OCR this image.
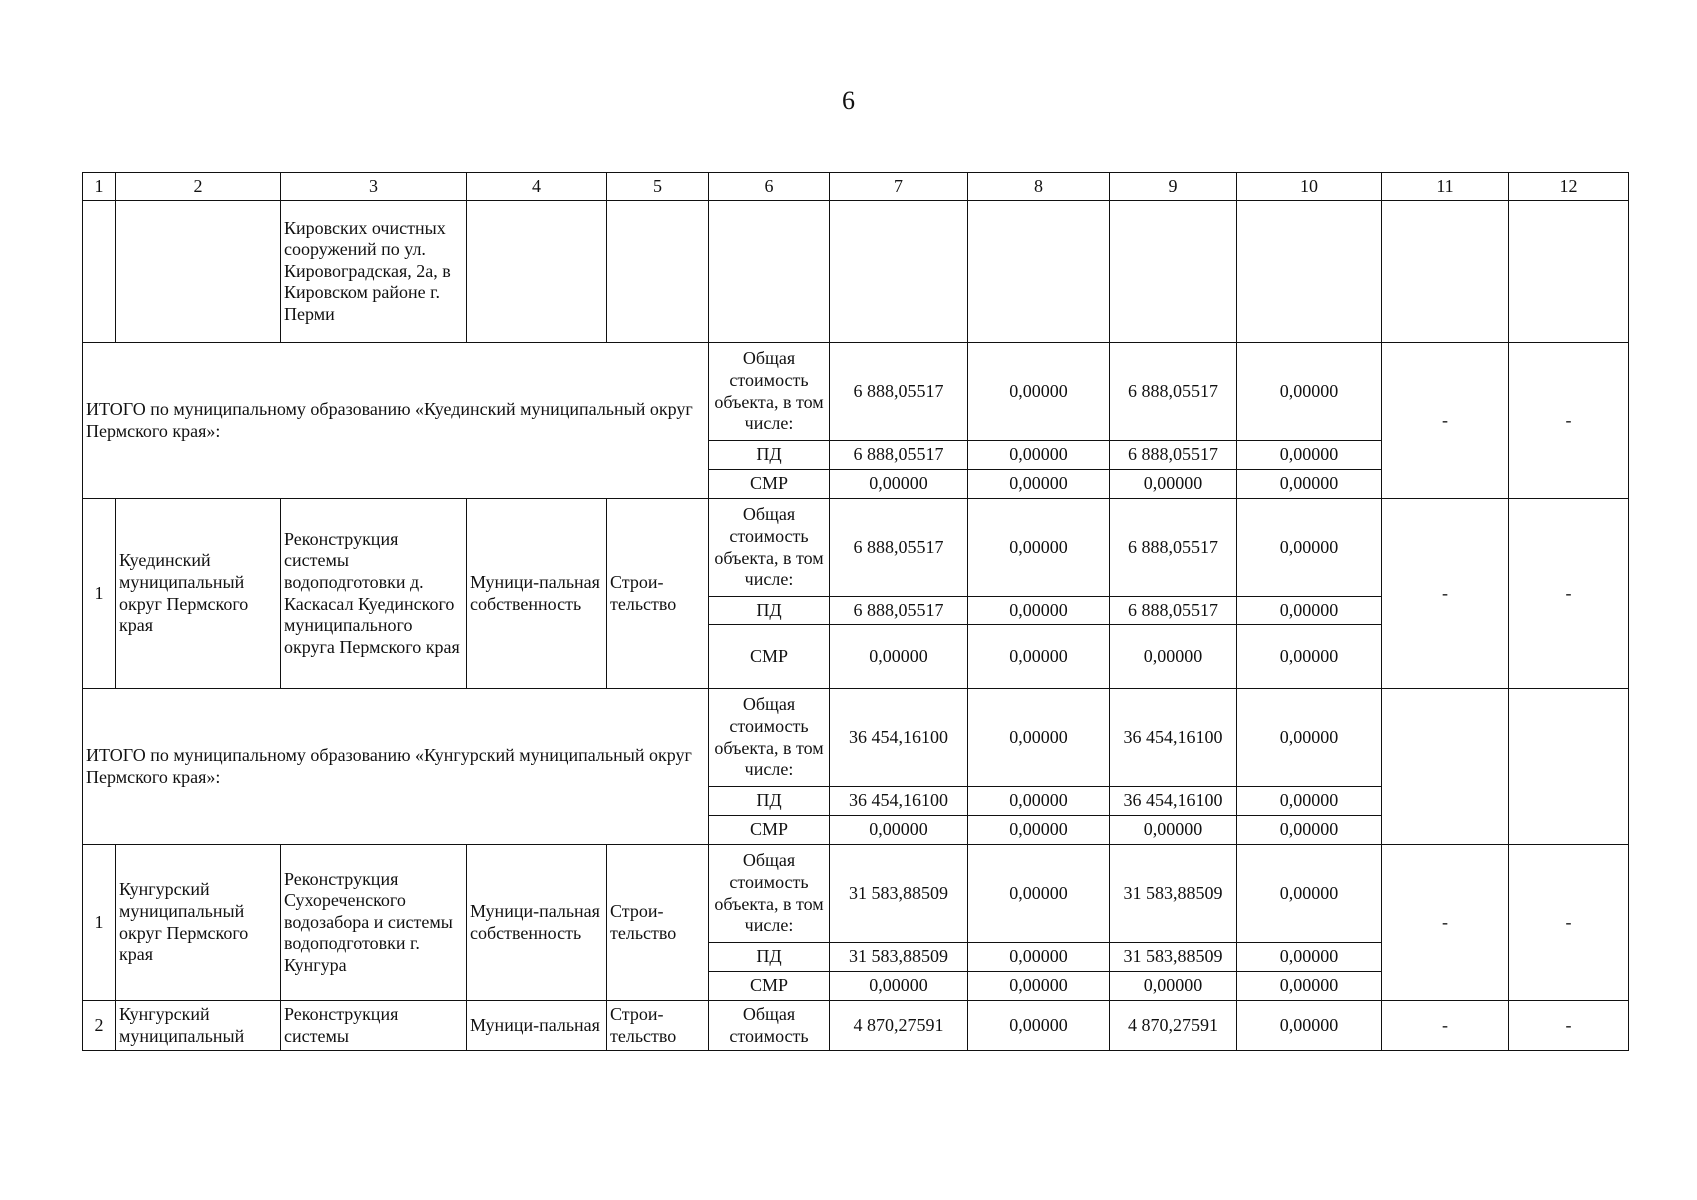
6
1	2	3	4	5	6	7	8	9	10	11	12
		Кировских очистных сооружений по ул. Кировоградская, 2а, в Кировском районе г. Перми									
ИТОГО по муниципальному образованию «Куединский муниципальный округ Пермского края»:					Общая стоимость объекта, в том числе:	6 888,05517	0,00000	6 888,05517	0,00000	-	-
					ПД	6 888,05517	0,00000	6 888,05517	0,00000		
					СМР	0,00000	0,00000	0,00000	0,00000		
1	Куединский муниципальный округ Пермского края	Реконструкция системы водоподготовки д. Каскасал Куединского муниципального округа Пермского края	Муници-пальная собственность	Строи-тельство	Общая стоимость объекта, в том числе:	6 888,05517	0,00000	6 888,05517	0,00000	-	-
					ПД	6 888,05517	0,00000	6 888,05517	0,00000		
					СМР	0,00000	0,00000	0,00000	0,00000		
ИТОГО по муниципальному образованию «Кунгурский муниципальный округ Пермского края»:					Общая стоимость объекта, в том числе:	36 454,16100	0,00000	36 454,16100	0,00000		
					ПД	36 454,16100	0,00000	36 454,16100	0,00000		
					СМР	0,00000	0,00000	0,00000	0,00000		
1	Кунгурский муниципальный округ Пермского края	Реконструкция Сухореченского водозабора и системы водоподготовки г. Кунгура	Муници-пальная собственность	Строи-тельство	Общая стоимость объекта, в том числе:	31 583,88509	0,00000	31 583,88509	0,00000	-	-
					ПД	31 583,88509	0,00000	31 583,88509	0,00000		
					СМР	0,00000	0,00000	0,00000	0,00000		
2	Кунгурский муниципальный	Реконструкция системы	Муници-пальная	Строи-тельство	Общая стоимость	4 870,27591	0,00000	4 870,27591	0,00000	-	-
